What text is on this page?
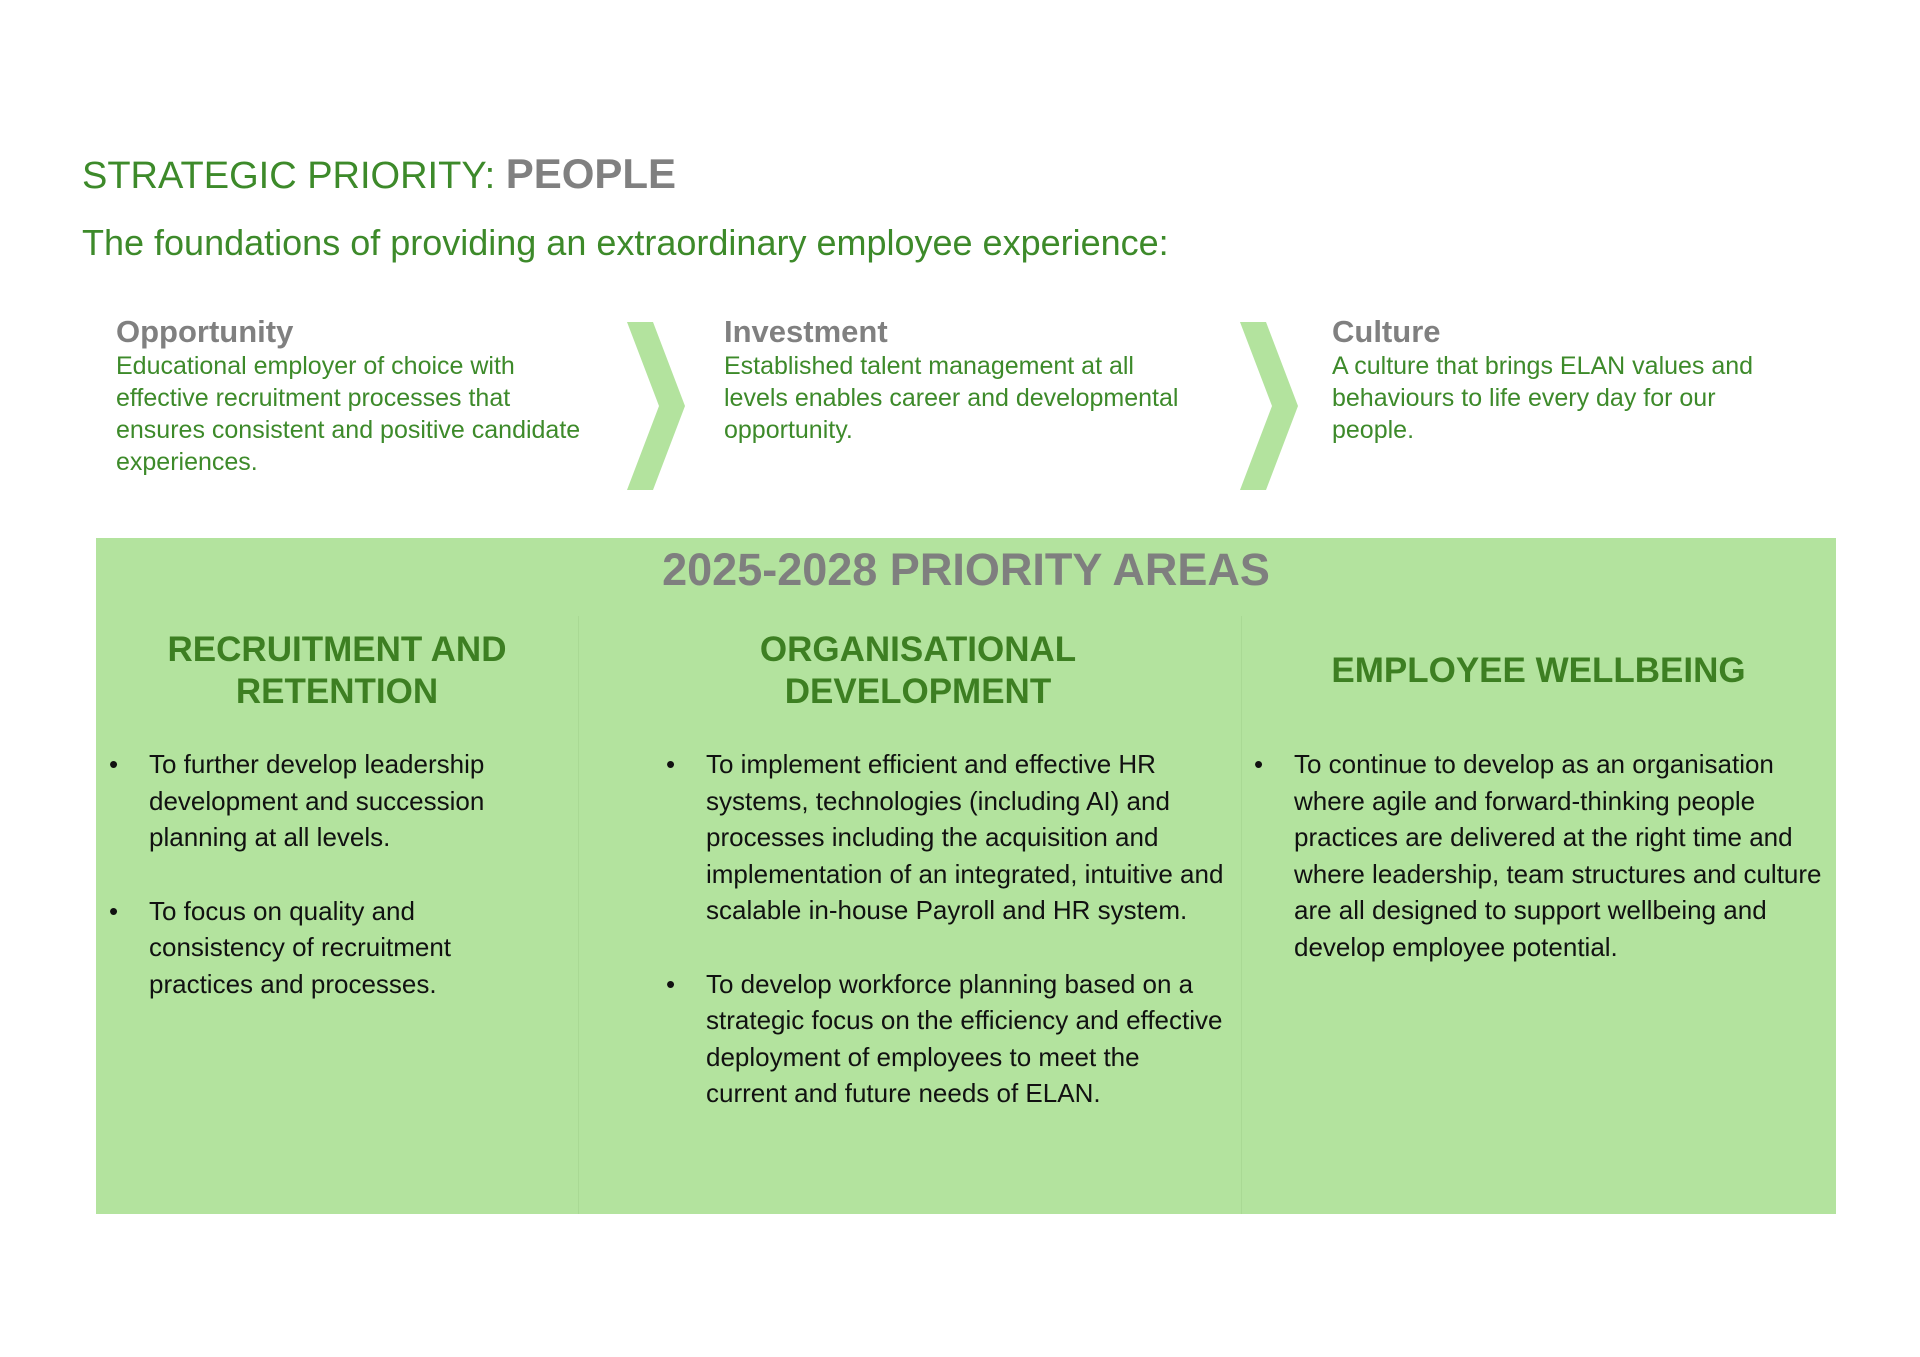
STRATEGIC PRIORITY: PEOPLE
The foundations of providing an extraordinary employee experience:
Opportunity
Educational employer of choice with effective recruitment processes that ensures consistent and positive candidate experiences.
Investment
Established talent management at all levels enables career and developmental opportunity.
Culture
A culture that brings ELAN values and behaviours to life every day for our people.
2025-2028 PRIORITY AREAS
RECRUITMENT AND
RETENTION
• To further develop leadership development and succession planning at all levels.
• To focus on quality and consistency of recruitment practices and processes.
ORGANISATIONAL
DEVELOPMENT
• To implement efficient and effective HR systems, technologies (including AI) and processes including the acquisition and implementation of an integrated, intuitive and scalable in-house Payroll and HR system.
• To develop workforce planning based on a strategic focus on the efficiency and effective deployment of employees to meet the current and future needs of ELAN.
EMPLOYEE WELLBEING
• To continue to develop as an organisation where agile and forward-thinking people practices are delivered at the right time and where leadership, team structures and culture are all designed to support wellbeing and develop employee potential.
